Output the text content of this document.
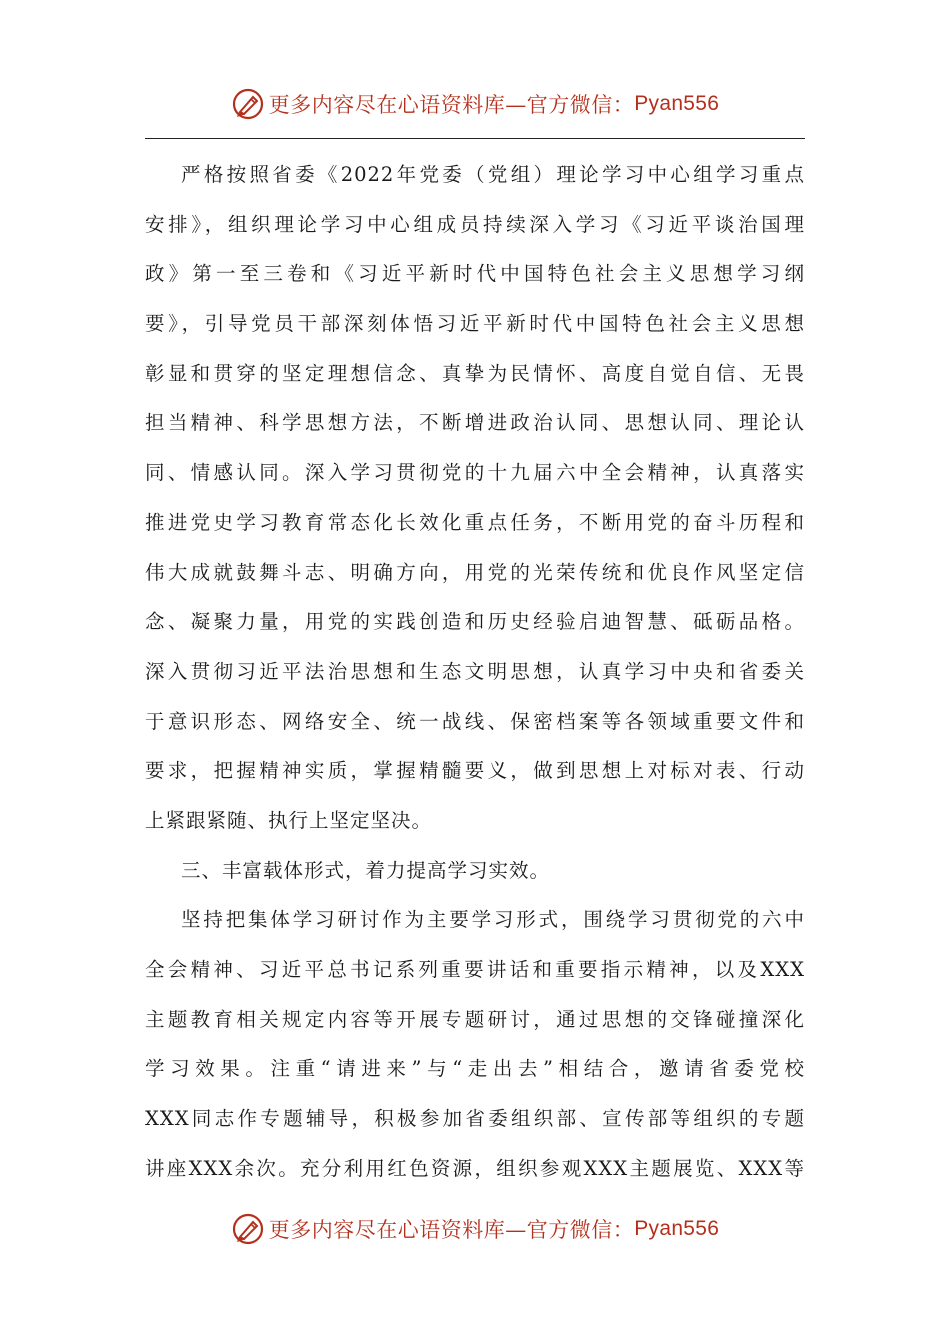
更多内容尽在心语资料库—官方微信： Pyan556
严格按照省委《2022年党委（党组）理论学习中心组学习重点
安排》，组织理论学习中心组成员持续深入学习《习近平谈治国理
政》第一至三卷和《习近平新时代中国特色社会主义思想学习纲
要》，引导党员干部深刻体悟习近平新时代中国特色社会主义思想
彰显和贯穿的坚定理想信念、真挚为民情怀、高度自觉自信、无畏
担当精神、科学思想方法，不断增进政治认同、思想认同、理论认
同、情感认同。深入学习贯彻党的十九届六中全会精神，认真落实
推进党史学习教育常态化长效化重点任务，不断用党的奋斗历程和
伟大成就鼓舞斗志、明确方向，用党的光荣传统和优良作风坚定信
念、凝聚力量，用党的实践创造和历史经验启迪智慧、砥砺品格。
深入贯彻习近平法治思想和生态文明思想，认真学习中央和省委关
于意识形态、网络安全、统一战线、保密档案等各领域重要文件和
要求，把握精神实质，掌握精髓要义，做到思想上对标对表、行动
上紧跟紧随、执行上坚定坚决。
三、丰富载体形式，着力提高学习实效。
坚持把集体学习研讨作为主要学习形式，围绕学习贯彻党的六中
全会精神、习近平总书记系列重要讲话和重要指示精神，以及XXX
主题教育相关规定内容等开展专题研讨，通过思想的交锋碰撞深化
学习效果。注重“请进来”与“走出去”相结合，邀请省委党校
XXX同志作专题辅导，积极参加省委组织部、宣传部等组织的专题
讲座XXX余次。充分利用红色资源，组织参观XXX主题展览、XXX等
更多内容尽在心语资料库—官方微信： Pyan556
